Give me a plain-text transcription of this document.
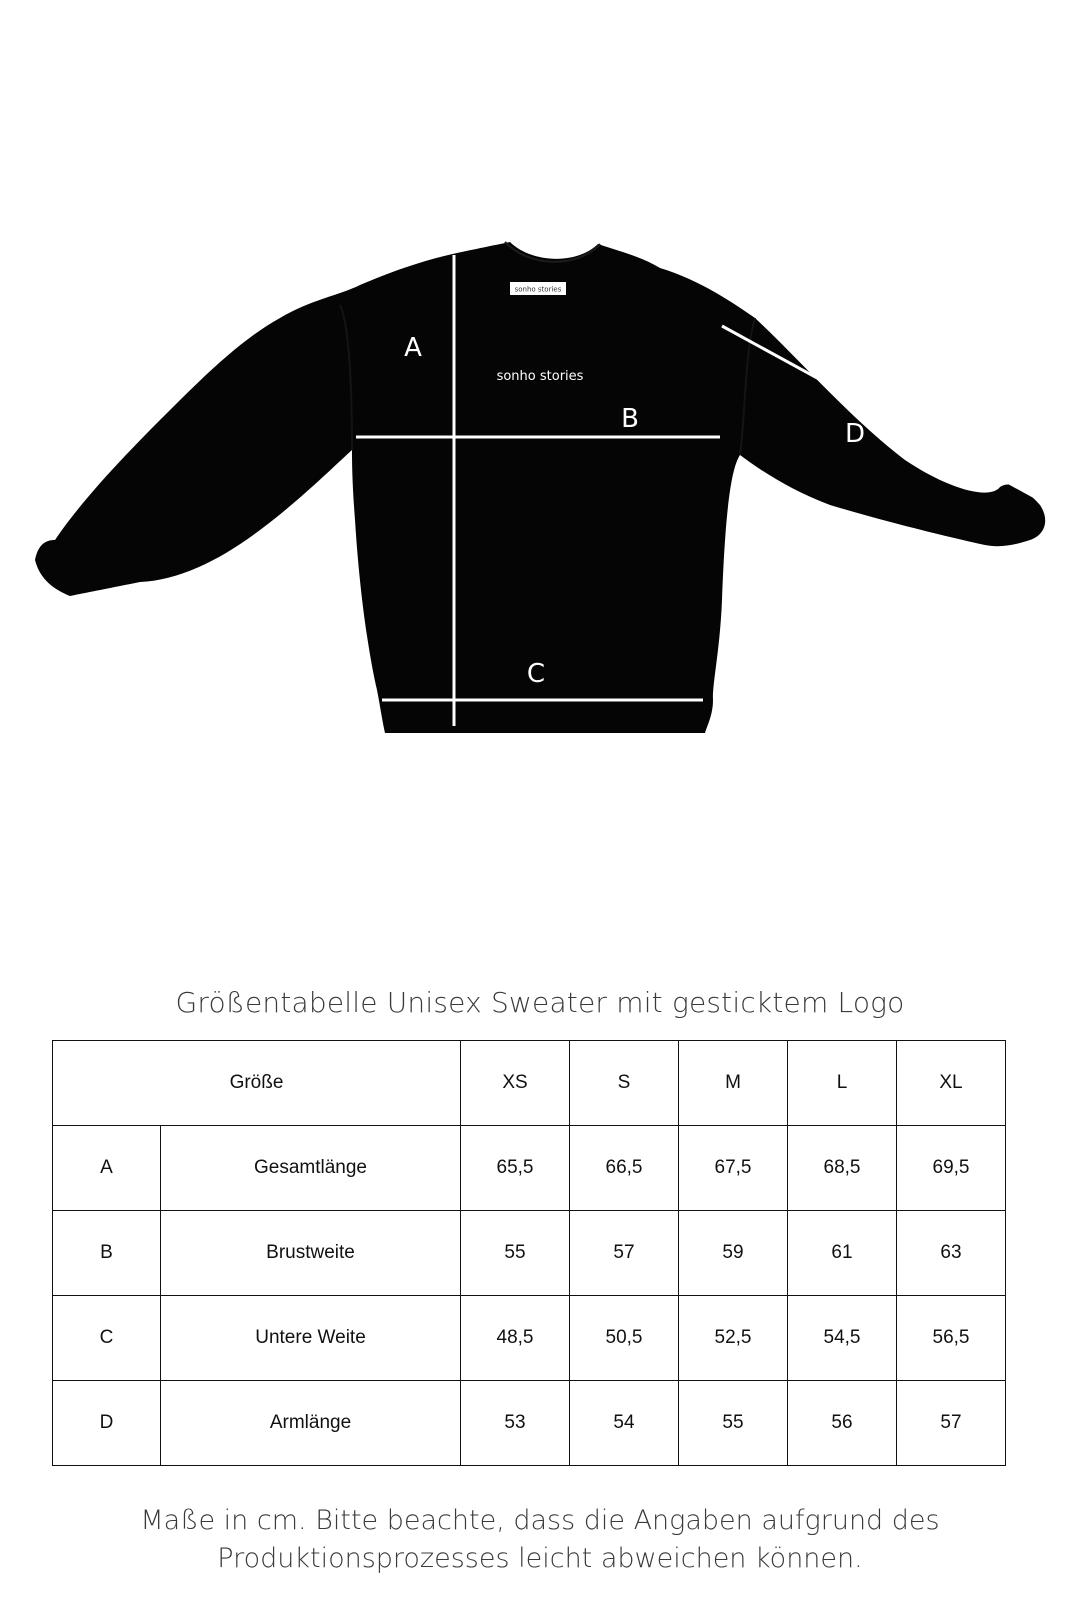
sonho stories
sonho stories
A
B
C
D
Größentabelle Unisex Sweater mit gesticktem Logo
Größe		XS	S	M	L	XL
A	Gesamtlänge	65,5	66,5	67,5	68,5	69,5
B	Brustweite	55	57	59	61	63
C	Untere Weite	48,5	50,5	52,5	54,5	56,5
D	Armlänge	53	54	55	56	57
Maße in cm. Bitte beachte, dass die Angaben aufgrund des
Produktionsprozesses leicht abweichen können.
